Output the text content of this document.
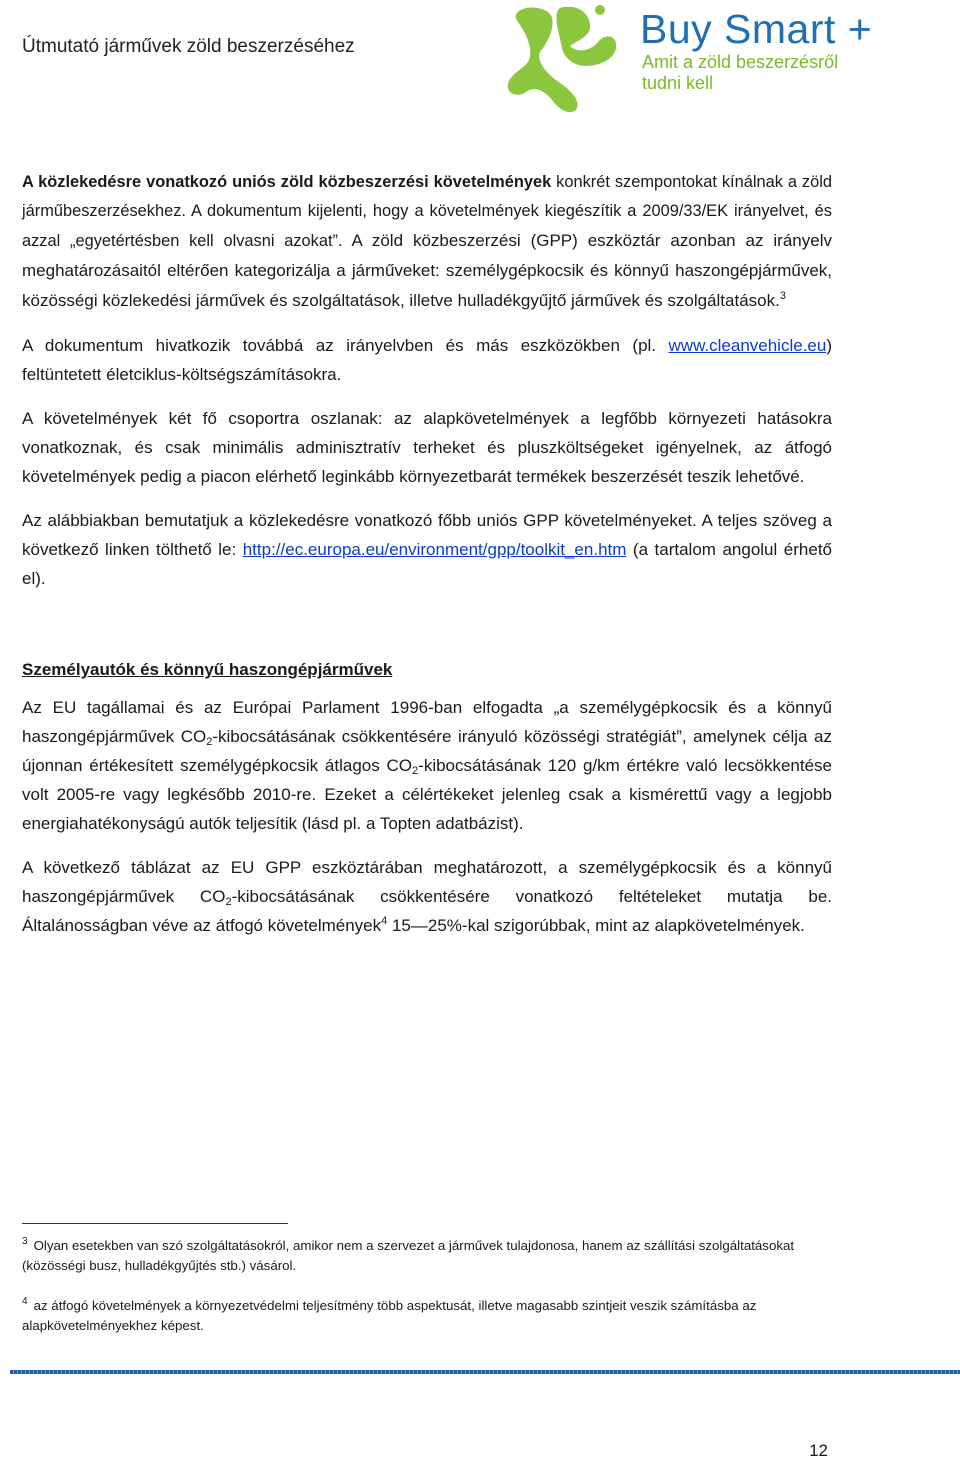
Útmutató járművek zöld beszerzéséhez	Buy Smart +
Amit a zöld beszerzésről
tudni kell

A közlekedésre vonatkozó uniós zöld közbeszerzési követelmények konkrét szempontokat kínálnak a zöld járműbeszerzésekhez. A dokumentum kijelenti, hogy a követelmények kiegészítik a 2009/33/EK irányelvet, és azzal „egyetértésben kell olvasni azokat”. A zöld közbeszerzési (GPP) eszköztár azonban az irányelv meghatározásaitól eltérően kategorizálja a járműveket: személygépkocsik és könnyű haszongépjárművek, közösségi közlekedési járművek és szolgáltatások, illetve hulladékgyűjtő járművek és szolgáltatások.$^3$

A dokumentum hivatkozik továbbá az irányelvben és más eszközökben (pl. www.cleanvehicle.eu) feltüntetett életciklus-költségszámításokra.

A követelmények két fő csoportra oszlanak: az alapkövetelmények a legfőbb környezeti hatásokra vonatkoznak, és csak minimális adminisztratív terheket és pluszköltségeket igényelnek, az átfogó követelmények pedig a piacon elérhető leginkább környezetbarát termékek beszerzését teszik lehetővé.

Az alábbiakban bemutatjuk a közlekedésre vonatkozó főbb uniós GPP követelményeket. A teljes szöveg a következő linken tölthető le: http://ec.europa.eu/environment/gpp/toolkit_en.htm (a tartalom angolul érhető el).

Személyautók és könnyű haszongépjárművek

Az EU tagállamai és az Európai Parlament 1996-ban elfogadta „a személygépkocsik és a könnyű haszongépjárművek $CO_2$-kibocsátásának csökkentésére irányuló közösségi stratégiát”, amelynek célja az újonnan értékesített személygépkocsik átlagos $CO_2$-kibocsátásának 120 g/km értékre való lecsökkentése volt 2005-re vagy legkésőbb 2010-re. Ezeket a célértékeket jelenleg csak a kismérettű vagy a legjobb energiahatékonyságú autók teljesítik (lásd pl. a Topten adatbázist).

A következő táblázat az EU GPP eszköztárában meghatározott, a személygépkocsik és a könnyű haszongépjárművek $CO_2$-kibocsátásának csökkentésére vonatkozó feltételeket mutatja be. Általánosságban véve az átfogó követelmények$^4$ 15—25%-kal szigorúbbak, mint az alapkövetelmények.

$^3$ Olyan esetekben van szó szolgáltatásokról, amikor nem a szervezet a járművek tulajdonosa, hanem az szállítási szolgáltatásokat (közösségi busz, hulladékgyűjtés stb.) vásárol.
$^4$ az átfogó követelmények a környezetvédelmi teljesítmény több aspektusát, illetve magasabb szintjeit veszik számításba az alapkövetelményekhez képest.
12
